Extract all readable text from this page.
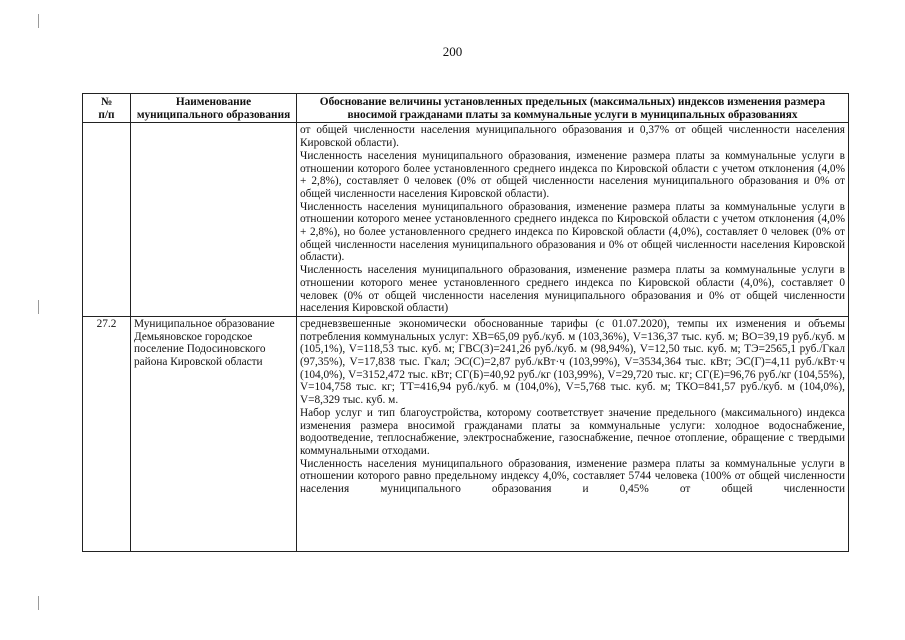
200
№
п/п	Наименование муниципального образования	Обоснование величины установленных предельных (максимальных) индексов изменения размера вносимой гражданами платы за коммунальные услуги в муниципальных образованиях

		от общей численности населения муниципального образования и 0,37% от общей численности населения Кировской области).

Численность населения муниципального образования, изменение размера платы за коммунальные услуги в отношении которого более установленного среднего индекса по Кировской области с учетом отклонения (4,0% + 2,8%), составляет 0 человек (0% от общей численности населения муниципального образования и 0% от общей численности населения Кировской области).

Численность населения муниципального образования, изменение размера платы за коммунальные услуги в отношении которого менее установленного среднего индекса по Кировской области с учетом отклонения (4,0% + 2,8%), но более установленного среднего индекса по Кировской области (4,0%), составляет 0 человек (0% от общей численности населения муниципального образования и 0% от общей численности населения Кировской области).

Численность населения муниципального образования, изменение размера платы за коммунальные услуги в отношении которого менее установленного среднего индекса по Кировской области (4,0%), составляет 0 человек (0% от общей численности населения муниципального образования и 0% от общей численности населения Кировской области)

27.2	Муниципальное образование Демьяновское городское поселение Подосиновского района Кировской области	средневзвешенные экономически обоснованные тарифы (с 01.07.2020), темпы их изменения и объемы потребления коммунальных услуг: ХВ=65,09 руб./куб. м (103,36%), V=136,37 тыс. куб. м; ВО=39,19 руб./куб. м (105,1%), V=118,53 тыс. куб. м; ГВС(З)=241,26 руб./куб. м (98,94%), V=12,50 тыс. куб. м; ТЭ=2565,1 руб./Гкал (97,35%), V=17,838 тыс. Гкал; ЭС(С)=2,87 руб./кВт·ч (103,99%), V=3534,364 тыс. кВт; ЭС(Г)=4,11 руб./кВт·ч (104,0%), V=3152,472 тыс. кВт; СГ(Б)=40,92 руб./кг (103,99%), V=29,720 тыс. кг; СГ(Е)=96,76 руб./кг (104,55%), V=104,758 тыс. кг; ТТ=416,94 руб./куб. м (104,0%), V=5,768 тыс. куб. м; ТКО=841,57 руб./куб. м (104,0%), V=8,329 тыс. куб. м.

Набор услуг и тип благоустройства, которому соответствует значение предельного (максимального) индекса изменения размера вносимой гражданами платы за коммунальные услуги: холодное водоснабжение, водоотведение, теплоснабжение, электроснабжение, газоснабжение, печное отопление, обращение с твердыми коммунальными отходами.

Численность населения муниципального образования, изменение размера платы за коммунальные услуги в отношении которого равно предельному индексу 4,0%, составляет 5744 человека (100% от общей численности населения муниципального образования и 0,45% от общей численности
